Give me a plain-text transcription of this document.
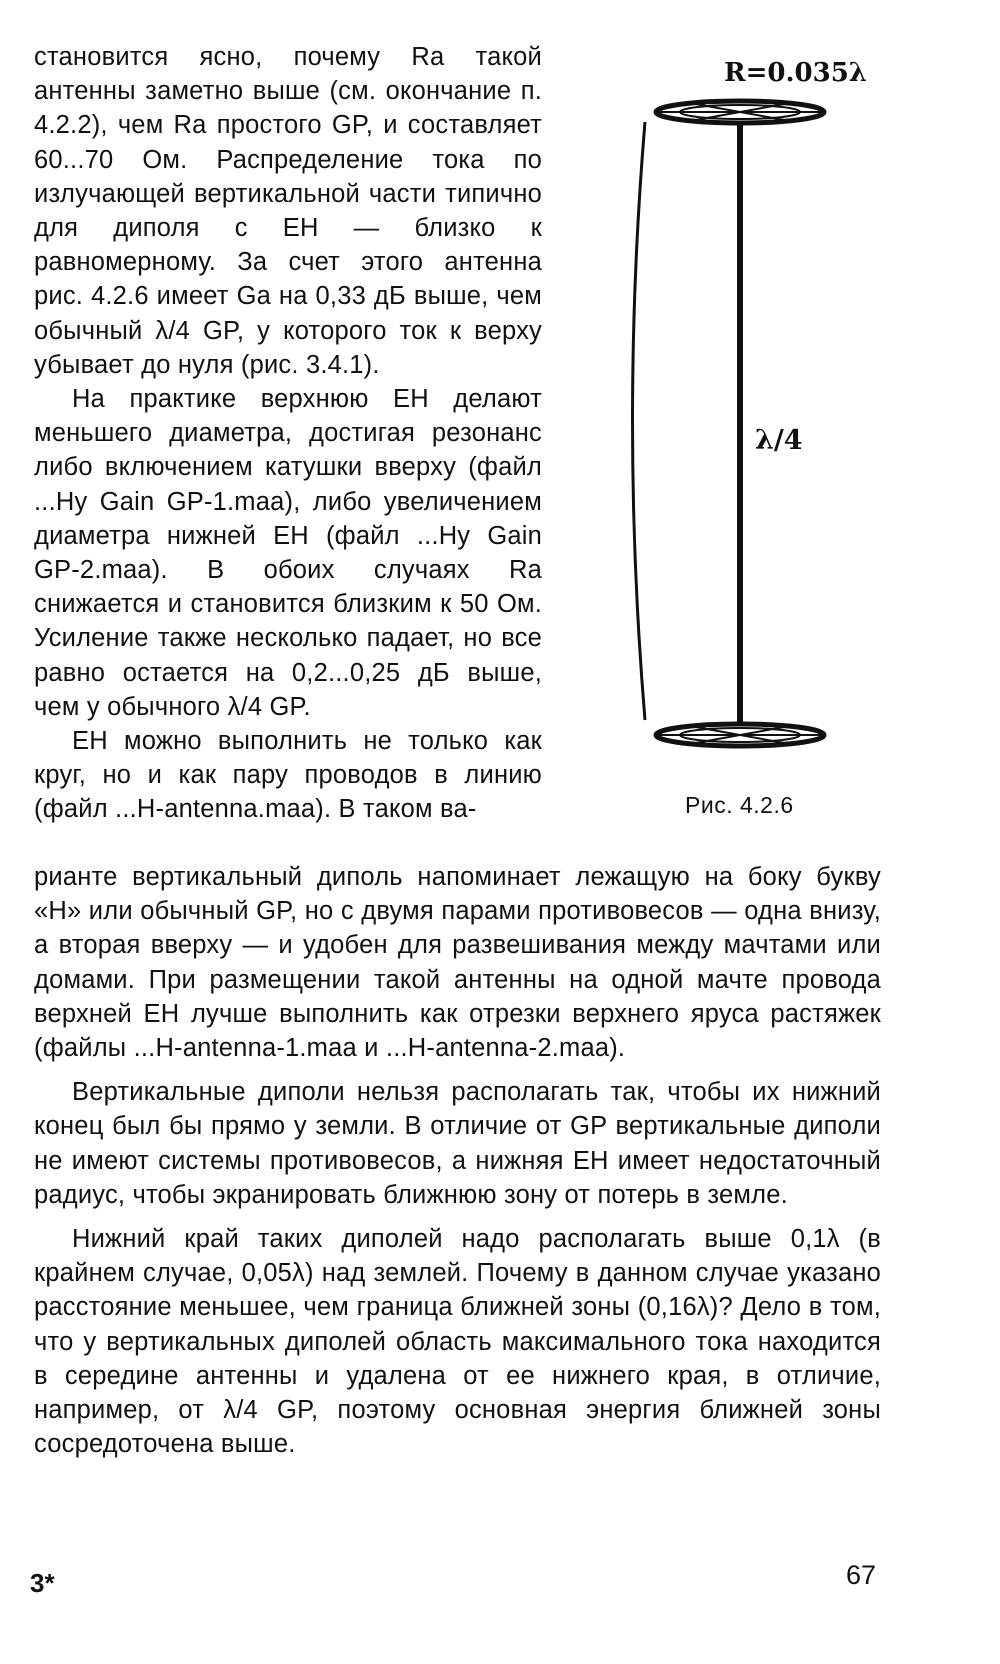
становится ясно, почему Ra такой антенны заметно выше (см. окончание п. 4.2.2), чем Ra простого GP, и составляет 60...70 Ом. Распределение тока по излучающей вертикальной части типично для диполя с ЕН — близко к равномерному. За счет этого антенна рис. 4.2.6 имеет Ga на 0,33 дБ выше, чем обычный λ/4 GP, у которого ток к верху убывает до нуля (рис. 3.4.1).

На практике верхнюю ЕН делают меньшего диаметра, достигая резонанс либо включением катушки вверху (файл ...Hy Gain GP-1.maa), либо увеличением диаметра нижней ЕН (файл ...Hy Gain GP-2.maa). В обоих случаях Ra снижается и становится близким к 50 Ом. Усиление также несколько падает, но все равно остается на 0,2...0,25 дБ выше, чем у обычного λ/4 GP.

ЕН можно выполнить не только как круг, но и как пару проводов в линию (файл ...H-antenna.maa). В таком ва-

R=0.035λ
λ/4
Рис. 4.2.6

рианте вертикальный диполь напоминает лежащую на боку букву «Н» или обычный GP, но с двумя парами противовесов — одна внизу, а вторая вверху — и удобен для развешивания между мачтами или домами. При размещении такой антенны на одной мачте провода верхней ЕН лучше выполнить как отрезки верхнего яруса растяжек (файлы ...H-antenna-1.maa и ...H-antenna-2.maa).

Вертикальные диполи нельзя располагать так, чтобы их нижний конец был бы прямо у земли. В отличие от GP вертикальные диполи не имеют системы противовесов, а нижняя ЕН имеет недостаточный радиус, чтобы экранировать ближнюю зону от потерь в земле.

Нижний край таких диполей надо располагать выше 0,1λ (в крайнем случае, 0,05λ) над землей. Почему в данном случае указано расстояние меньшее, чем граница ближней зоны (0,16λ)? Дело в том, что у вертикальных диполей область максимального тока находится в середине антенны и удалена от ее нижнего края, в отличие, например, от λ/4 GP, поэтому основная энергия ближней зоны сосредоточена выше.

3*	67
